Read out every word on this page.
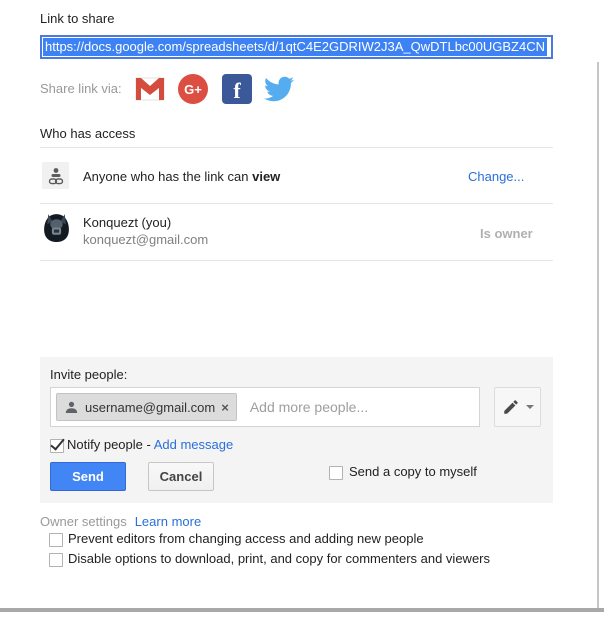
Link to share
https://docs.google.com/spreadsheets/d/1qtC4E2GDRIW2J3A_QwDTLbc00UGBZ4CN
Share link via:	G+	f
Who has access
Anyone who has the link can view	Change...
Konquezt (you)
konquezt@gmail.com	Is owner
Invite people:
username@gmail.com × Add more people...
Notify people - Add message
Send	Cancel	Send a copy to myself
Owner settings Learn more
Prevent editors from changing access and adding new people
Disable options to download, print, and copy for commenters and viewers
